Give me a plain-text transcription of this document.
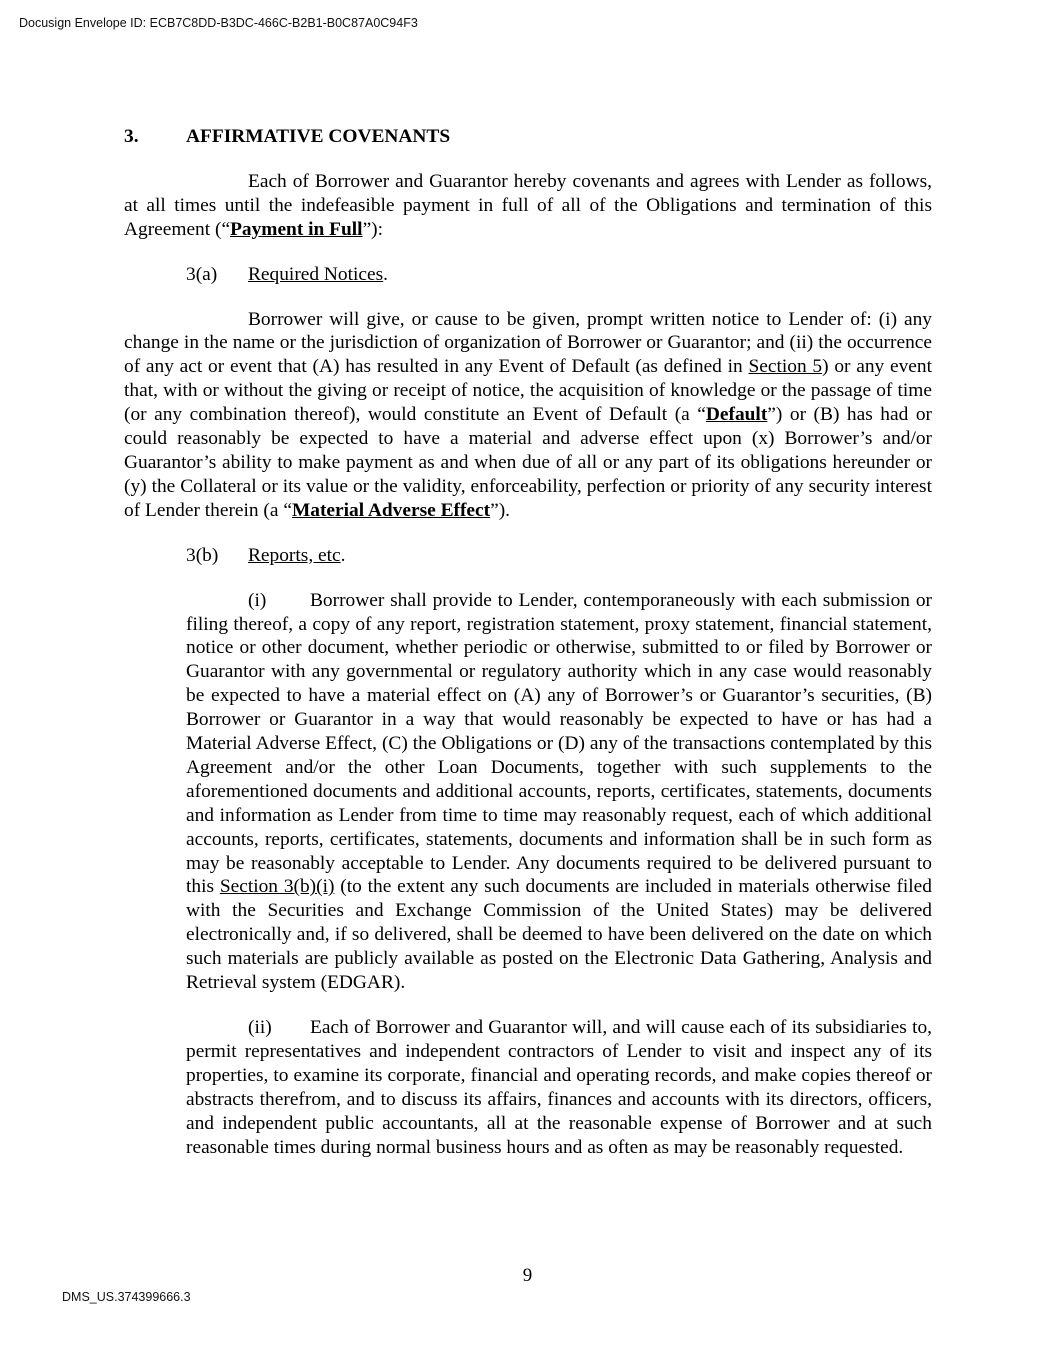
Docusign Envelope ID: ECB7C8DD-B3DC-466C-B2B1-B0C87A0C94F3
3. AFFIRMATIVE COVENANTS

Each of Borrower and Guarantor hereby covenants and agrees with Lender as follows, at all times until the indefeasible payment in full of all of the Obligations and termination of this Agreement (“Payment in Full”):

3(a) Required Notices.

Borrower will give, or cause to be given, prompt written notice to Lender of: (i) any change in the name or the jurisdiction of organization of Borrower or Guarantor; and (ii) the occurrence of any act or event that (A) has resulted in any Event of Default (as defined in Section 5) or any event that, with or without the giving or receipt of notice, the acquisition of knowledge or the passage of time (or any combination thereof), would constitute an Event of Default (a “Default”) or (B) has had or could reasonably be expected to have a material and adverse effect upon (x) Borrower’s and/or Guarantor’s ability to make payment as and when due of all or any part of its obligations hereunder or (y) the Collateral or its value or the validity, enforceability, perfection or priority of any security interest of Lender therein (a “Material Adverse Effect”).

3(b) Reports, etc.

(i) Borrower shall provide to Lender, contemporaneously with each submission or filing thereof, a copy of any report, registration statement, proxy statement, financial statement, notice or other document, whether periodic or otherwise, submitted to or filed by Borrower or Guarantor with any governmental or regulatory authority which in any case would reasonably be expected to have a material effect on (A) any of Borrower’s or Guarantor’s securities, (B) Borrower or Guarantor in a way that would reasonably be expected to have or has had a Material Adverse Effect, (C) the Obligations or (D) any of the transactions contemplated by this Agreement and/or the other Loan Documents, together with such supplements to the aforementioned documents and additional accounts, reports, certificates, statements, documents and information as Lender from time to time may reasonably request, each of which additional accounts, reports, certificates, statements, documents and information shall be in such form as may be reasonably acceptable to Lender. Any documents required to be delivered pursuant to this Section 3(b)(i) (to the extent any such documents are included in materials otherwise filed with the Securities and Exchange Commission of the United States) may be delivered electronically and, if so delivered, shall be deemed to have been delivered on the date on which such materials are publicly available as posted on the Electronic Data Gathering, Analysis and Retrieval system (EDGAR).

(ii) Each of Borrower and Guarantor will, and will cause each of its subsidiaries to, permit representatives and independent contractors of Lender to visit and inspect any of its properties, to examine its corporate, financial and operating records, and make copies thereof or abstracts therefrom, and to discuss its affairs, finances and accounts with its directors, officers, and independent public accountants, all at the reasonable expense of Borrower and at such reasonable times during normal business hours and as often as may be reasonably requested.

9
DMS_US.374399666.3
